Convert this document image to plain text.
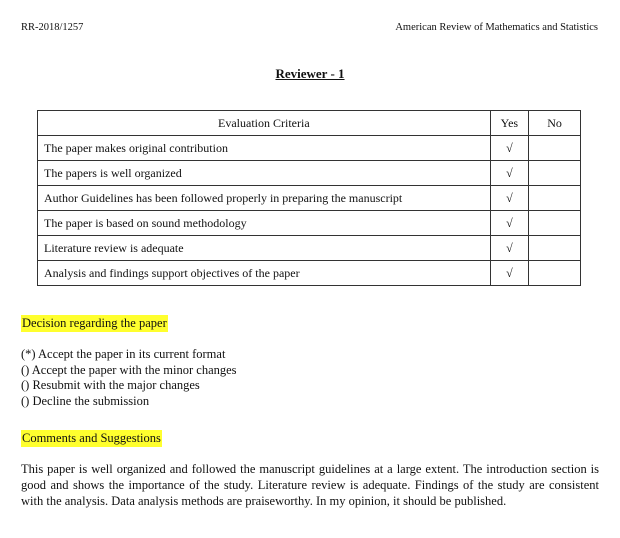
RR-2018/1257	American Review of Mathematics and Statistics
Reviewer - 1
Evaluation Criteria	Yes	No
The paper makes original contribution	√	
The papers is well organized	√	
Author Guidelines has been followed properly in preparing the manuscript	√	
The paper is based on sound methodology	√	
Literature review is adequate	√	
Analysis and findings support objectives of the paper	√	
Decision regarding the paper
(*) Accept the paper in its current format
() Accept the paper with the minor changes
() Resubmit with the major changes
() Decline the submission
Comments and Suggestions
This paper is well organized and followed the manuscript guidelines at a large extent. The introduction section is good and shows the importance of the study. Literature review is adequate. Findings of the study are consistent with the analysis. Data analysis methods are praiseworthy. In my opinion, it should be published.
